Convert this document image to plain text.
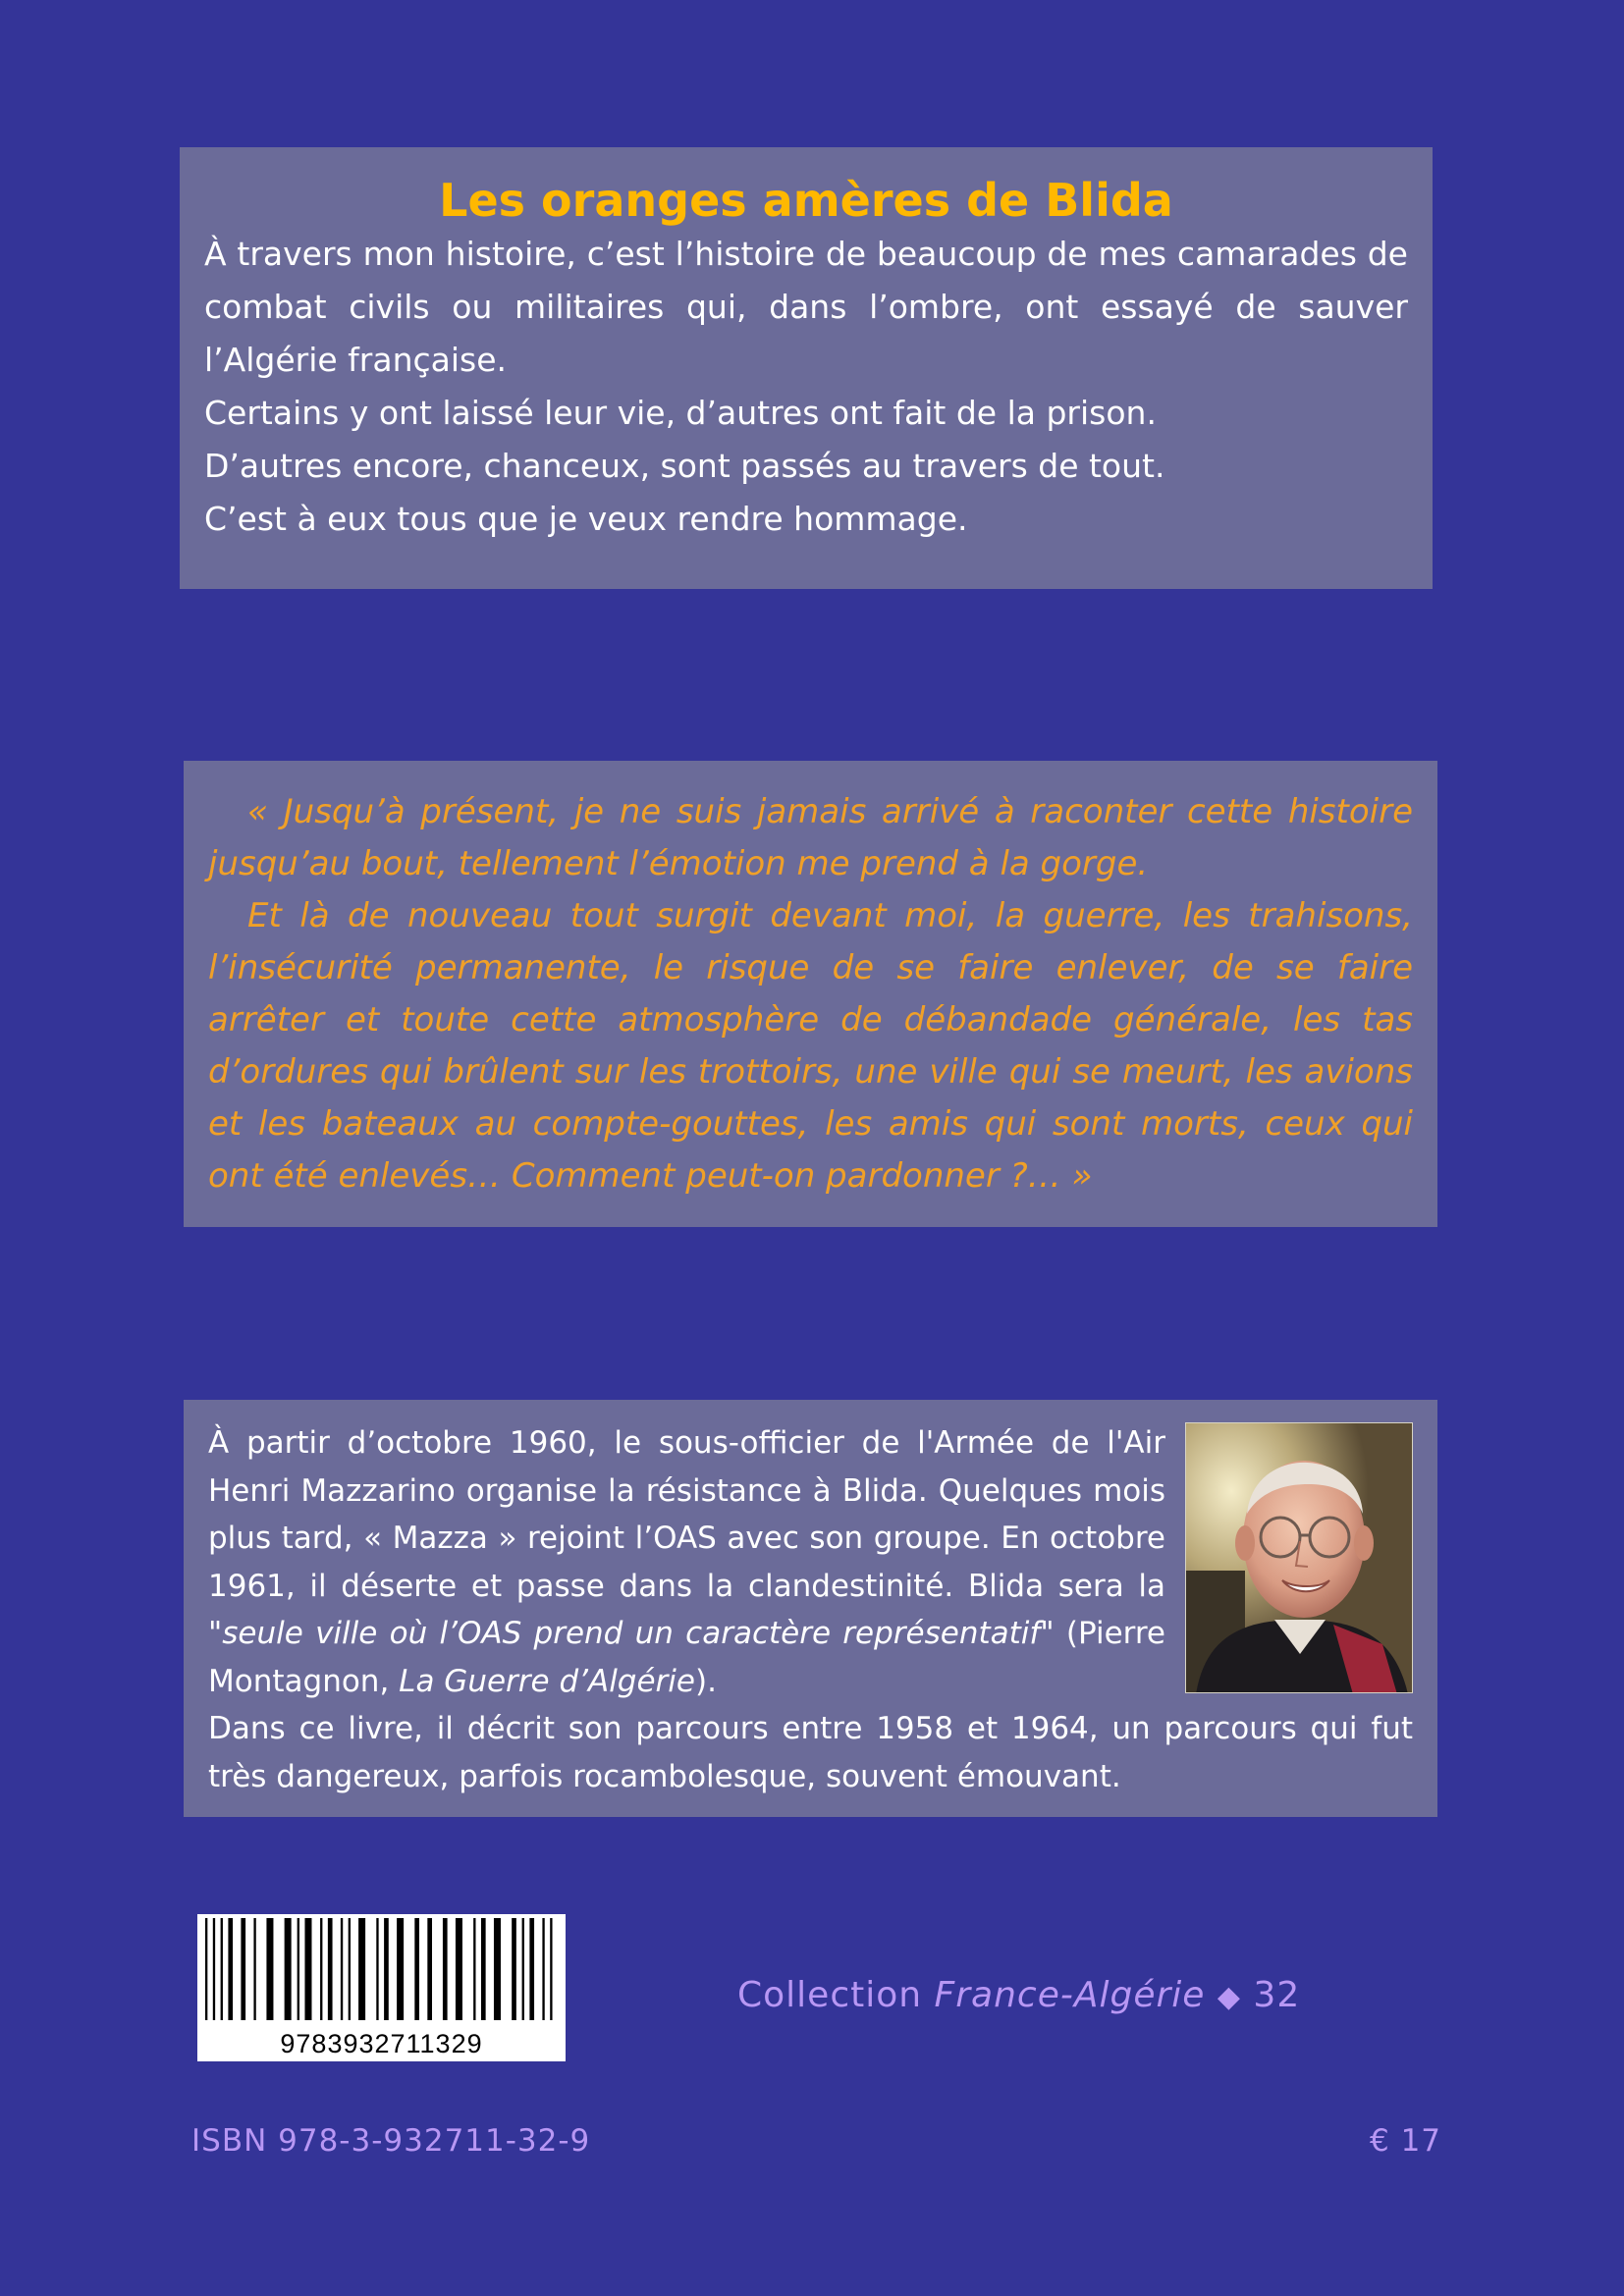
Les oranges amères de Blida

À travers mon histoire, c’est l’histoire de beaucoup de mes camarades de combat civils ou militaires qui, dans l’ombre, ont essayé de sauver l’Algérie française.

Certains y ont laissé leur vie, d’autres ont fait de la prison.

D’autres encore, chanceux, sont passés au travers de tout.

C’est à eux tous que je veux rendre hommage.

« Jusqu’à présent, je ne suis jamais arrivé à raconter cette histoire jusqu’au bout, tellement l’émotion me prend à la gorge.

Et là de nouveau tout surgit devant moi, la guerre, les trahisons, l’insécurité permanente, le risque de se faire enlever, de se faire arrêter et toute cette atmosphère de débandade générale, les tas d’ordures qui brûlent sur les trottoirs, une ville qui se meurt, les avions et les bateaux au compte-gouttes, les amis qui sont morts, ceux qui ont été enlevés… Comment peut-on pardonner ?… »

À partir d’octobre 1960, le sous-officier de l'Armée de l'Air Henri Mazzarino organise la résistance à Blida. Quelques mois plus tard, « Mazza » rejoint l’OAS avec son groupe. En octobre 1961, il déserte et passe dans la clandestinité. Blida sera la "seule ville où l’OAS prend un caractère représentatif" (Pierre Montagnon, La Guerre d’Algérie).

Dans ce livre, il décrit son parcours entre 1958 et 1964, un parcours qui fut très dangereux, parfois rocambolesque, souvent émouvant.

9783932711329
Collection France-Algérie ◆ 32
ISBN 978-3-932711-32-9	€ 17
